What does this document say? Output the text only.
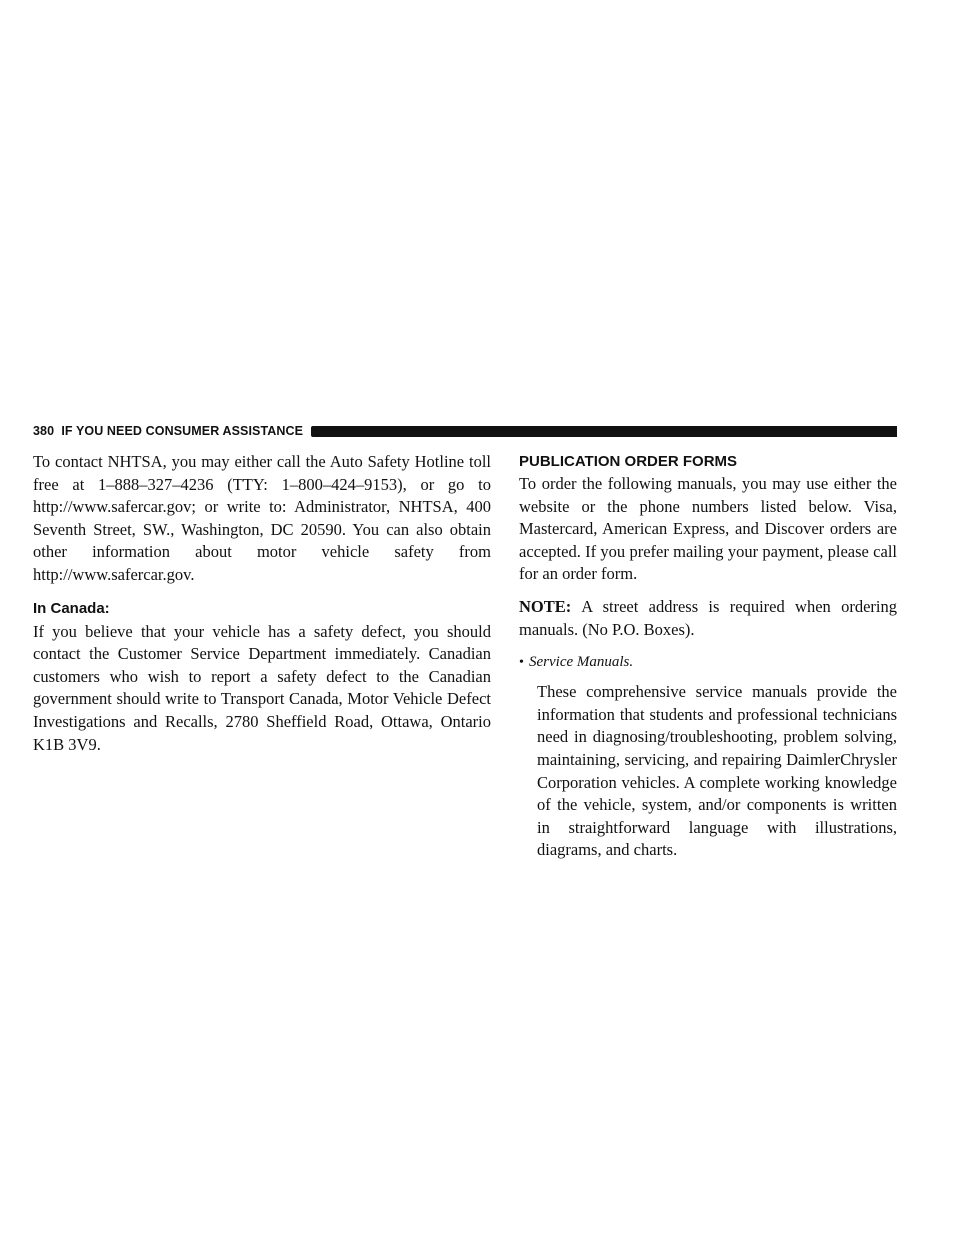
380 IF YOU NEED CONSUMER ASSISTANCE

To contact NHTSA, you may either call the Auto Safety Hotline toll free at 1–888–327–4236 (TTY: 1–800–424–9153), or go to http://www.safercar.gov; or write to: Administrator, NHTSA, 400 Seventh Street, SW., Washington, DC 20590. You can also obtain other information about motor vehicle safety from http://www.safercar.gov.

In Canada:

If you believe that your vehicle has a safety defect, you should contact the Customer Service Department immediately. Canadian customers who wish to report a safety defect to the Canadian government should write to Transport Canada, Motor Vehicle Defect Investigations and Recalls, 2780 Sheffield Road, Ottawa, Ontario K1B 3V9.

PUBLICATION ORDER FORMS

To order the following manuals, you may use either the website or the phone numbers listed below. Visa, Mastercard, American Express, and Discover orders are accepted. If you prefer mailing your payment, please call for an order form.

NOTE: A street address is required when ordering manuals. (No P.O. Boxes).

• Service Manuals.

These comprehensive service manuals provide the information that students and professional technicians need in diagnosing/troubleshooting, problem solving, maintaining, servicing, and repairing DaimlerChrysler Corporation vehicles. A complete working knowledge of the vehicle, system, and/or components is written in straightforward language with illustrations, diagrams, and charts.
